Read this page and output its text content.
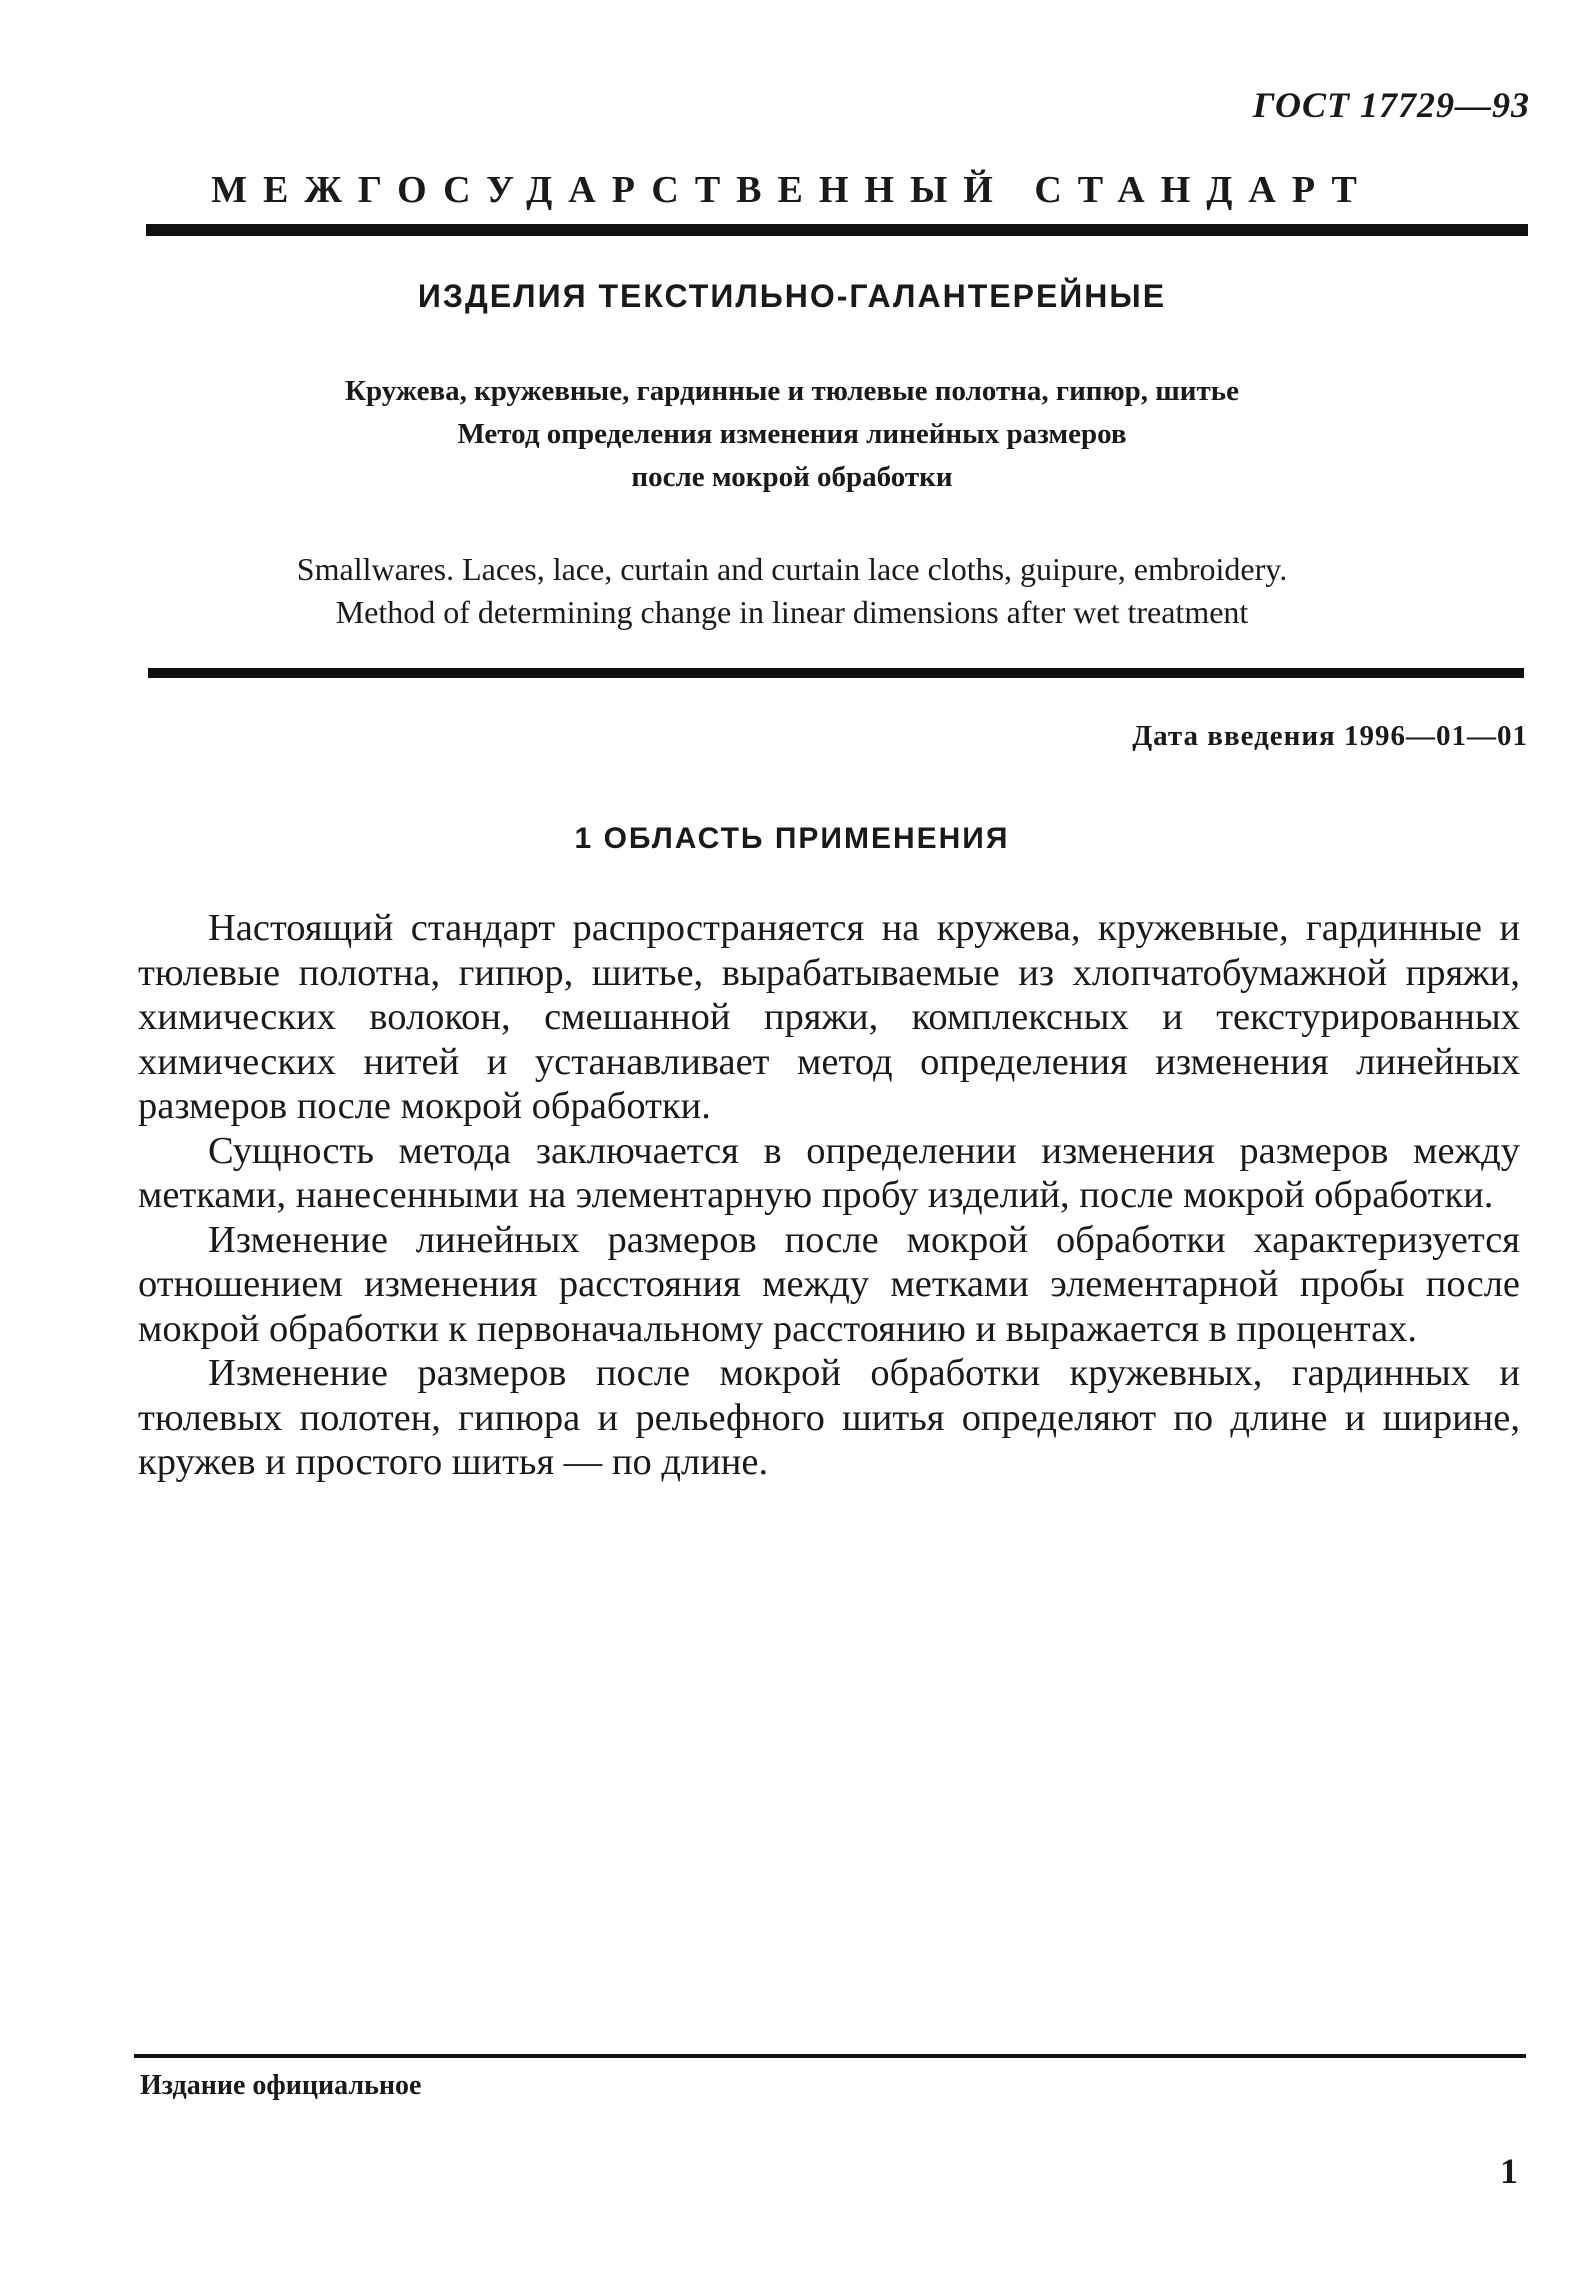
ГОСТ 17729—93
МЕЖГОСУДАРСТВЕННЫЙ СТАНДАРТ
ИЗДЕЛИЯ ТЕКСТИЛЬНО-ГАЛАНТЕРЕЙНЫЕ
Кружева, кружевные, гардинные и тюлевые полотна, гипюр, шитье
Метод определения изменения линейных размеров
после мокрой обработки
Smallwares. Laces, lace, curtain and curtain lace cloths, guipure, embroidery.
Method of determining change in linear dimensions after wet treatment
Дата введения 1996—01—01
1 ОБЛАСТЬ ПРИМЕНЕНИЯ

Настоящий стандарт распространяется на кружева, кружевные, гардинные и тюлевые полотна, гипюр, шитье, вырабатываемые из хлопчатобумажной пряжи, химических волокон, смешанной пряжи, комплексных и текстурированных химических нитей и устанавливает метод определения изменения линейных размеров после мокрой обработки.

Сущность метода заключается в определении изменения размеров между метками, нанесенными на элементарную пробу изделий, после мокрой обработки.

Изменение линейных размеров после мокрой обработки характеризуется отношением изменения расстояния между метками элементарной пробы после мокрой обработки к первоначальному расстоянию и выражается в процентах.

Изменение размеров после мокрой обработки кружевных, гардинных и тюлевых полотен, гипюра и рельефного шитья определяют по длине и ширине, кружев и простого шитья — по длине.

Издание официальное
1
